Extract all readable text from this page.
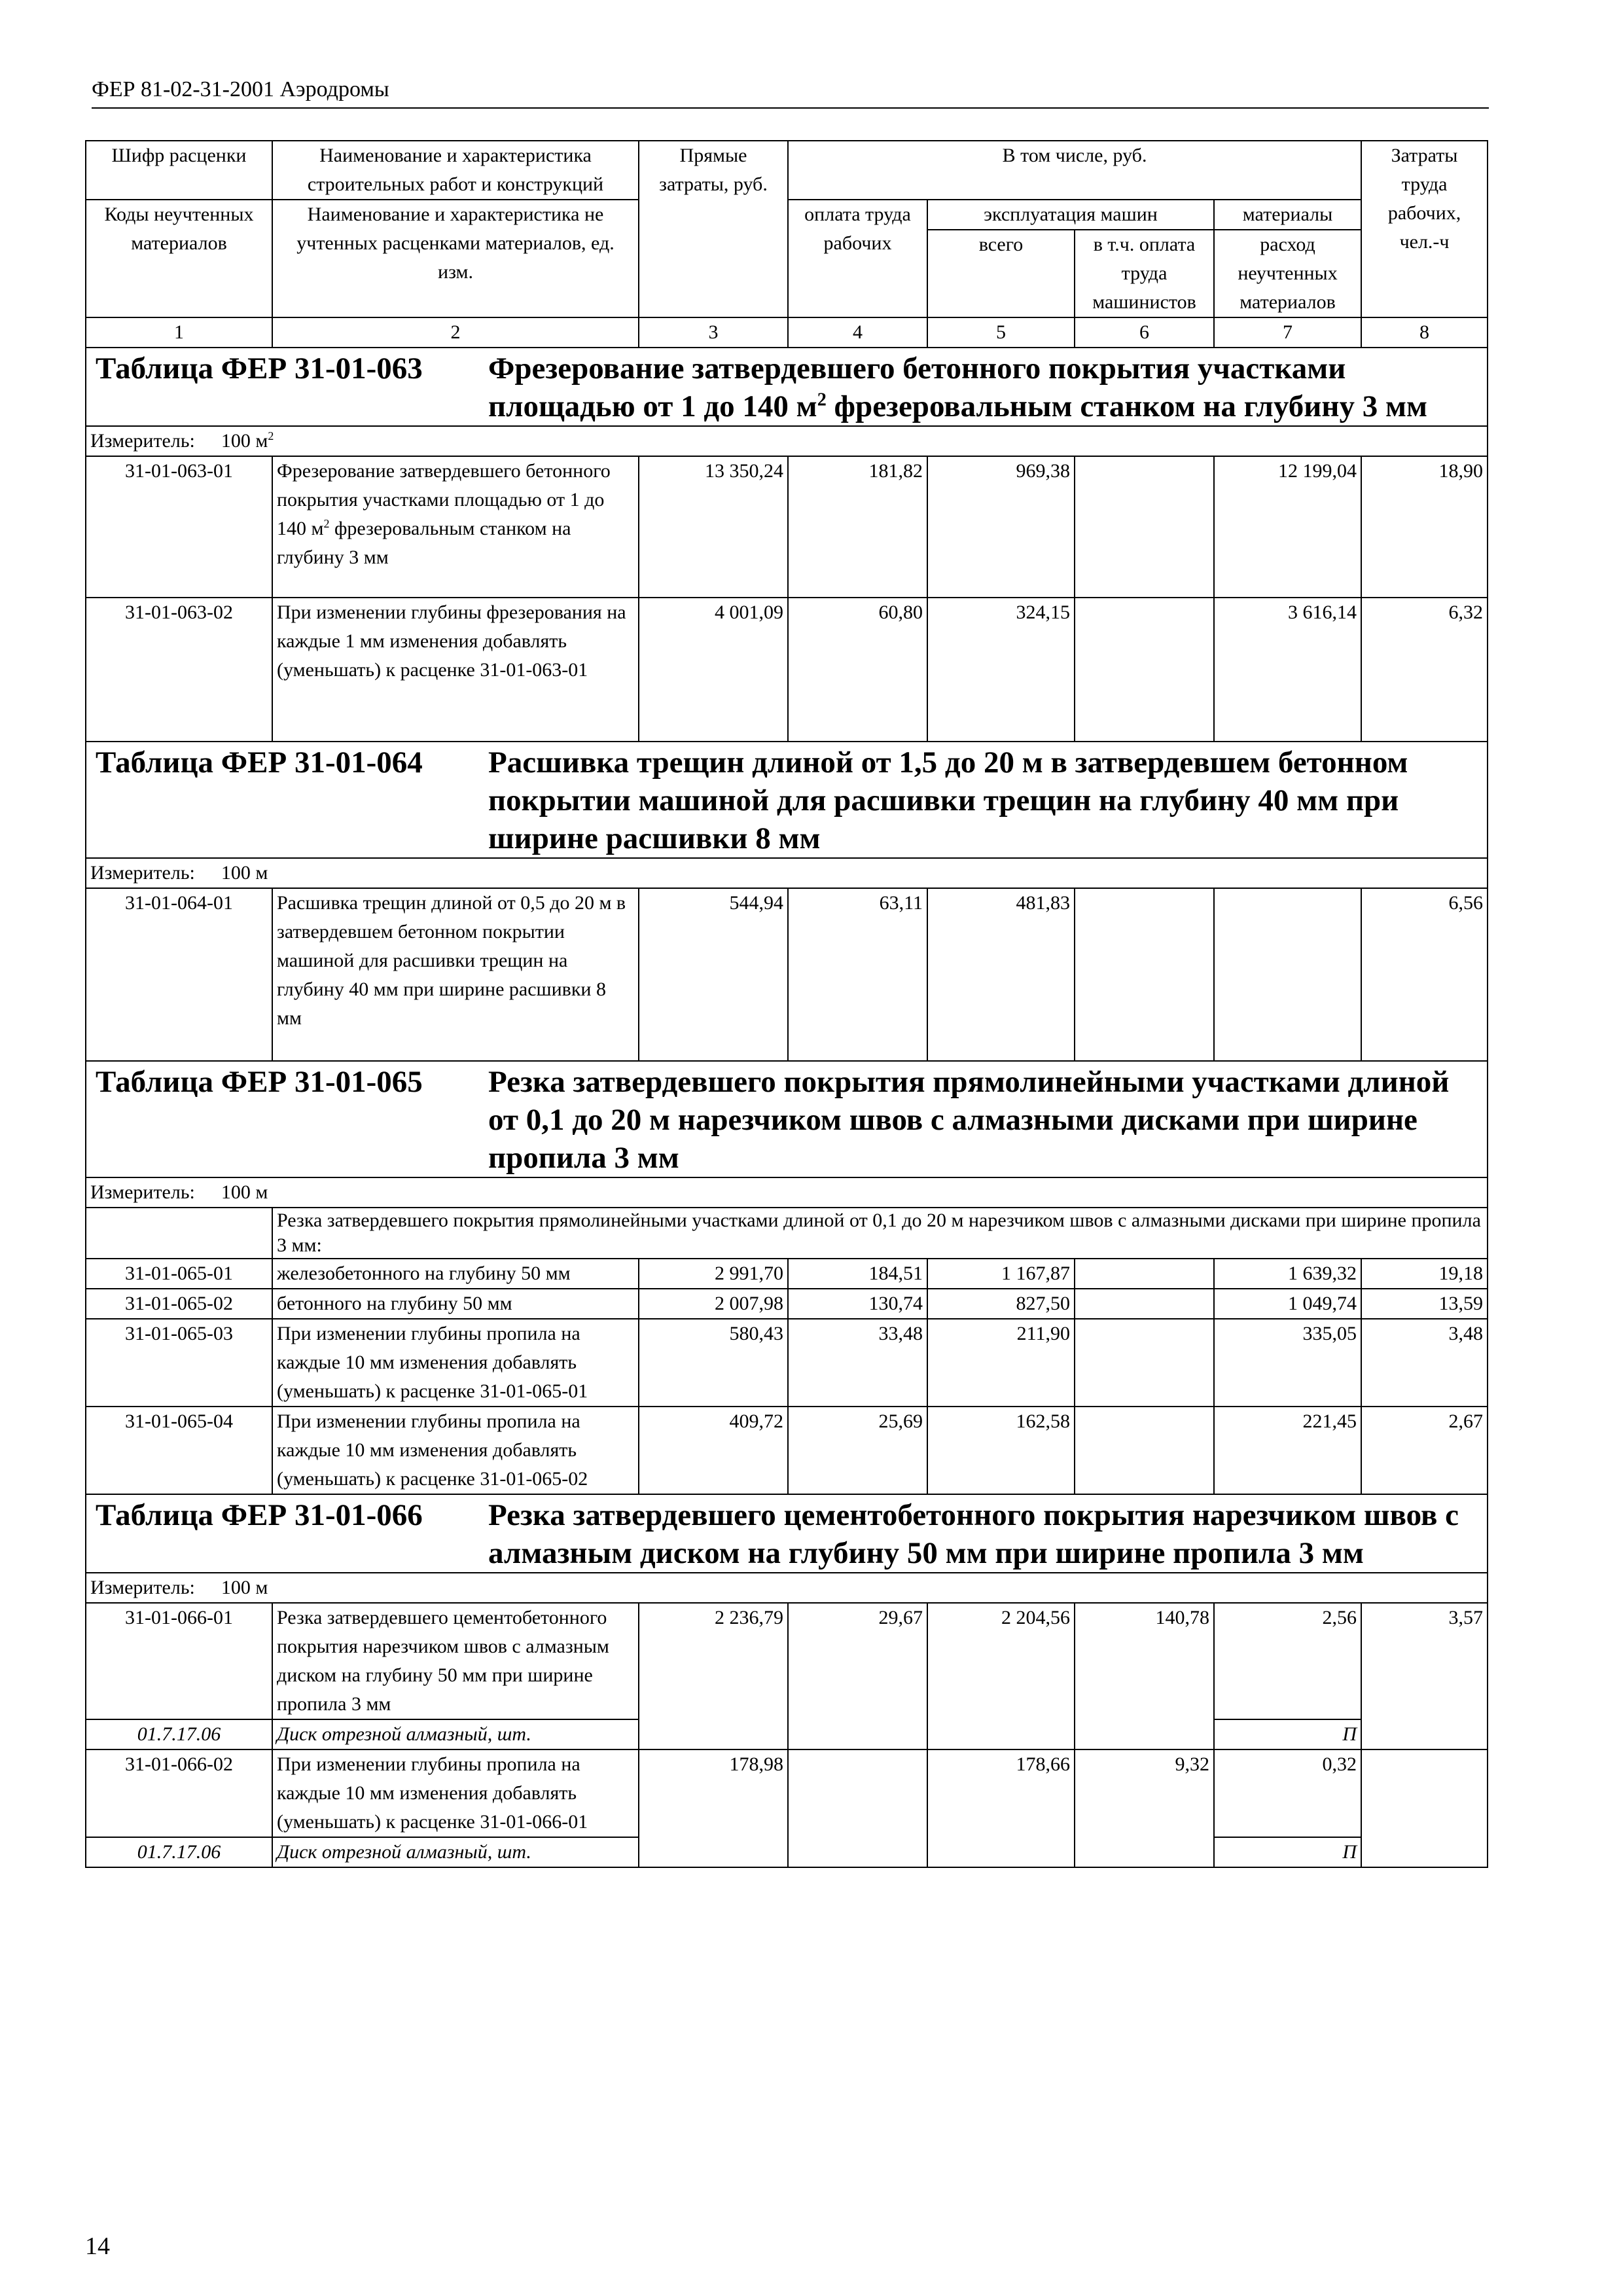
ФЕР 81-02-31-2001 Аэродромы
Шифр расценки	Наименование и характеристика строительных работ и конструкций	Прямые затраты, руб.	В том числе, руб.				Затраты труда рабочих, чел.-ч
Коды неучтенных материалов	Наименование и характеристика не учтенных расценками материалов, ед. изм.		оплата труда рабочих	эксплуатация машин		материалы	
				всего	в т.ч. оплата труда машинистов	расход неучтенных материалов	
1	2	3	4	5	6	7	8

Таблица ФЕР 31-01-063 Фрезерование затвердевшего бетонного покрытия участками площадью от 1 до 140 $м^2$ фрезеровальным станком на глубину 3 мм							

Измеритель: 100 $м^2$
31-01-063-01	Фрезерование затвердевшего бетонного покрытия участками площадью от 1 до 140 $м^2$ фрезеровальным станком на глубину 3 мм	13 350,24	181,82	969,38		12 199,04	18,90
31-01-063-02	При изменении глубины фрезерования на каждые 1 мм изменения добавлять (уменьшать) к расценке 31-01-063-01	4 001,09	60,80	324,15		3 616,14	6,32

Таблица ФЕР 31-01-064 Расшивка трещин длиной от 1,5 до 20 м в затвердевшем бетонном покрытии машиной для расшивки трещин на глубину 40 мм при ширине расшивки 8 мм							

Измеритель: 100 м							
31-01-064-01	Расшивка трещин длиной от 0,5 до 20 м в затвердевшем бетонном покрытии машиной для расшивки трещин на глубину 40 мм при ширине расшивки 8 мм	544,94	63,11	481,83			6,56

Таблица ФЕР 31-01-065 Резка затвердевшего покрытия прямолинейными участками длиной от 0,1 до 20 м нарезчиком швов с алмазными дисками при ширине пропила 3 мм							

Измеритель: 100 м							
	Резка затвердевшего покрытия прямолинейными участками длиной от 0,1 до 20 м нарезчиком швов с алмазными дисками при ширине пропила 3 мм:						
31-01-065-01	железобетонного на глубину 50 мм	2 991,70	184,51	1 167,87		1 639,32	19,18
31-01-065-02	бетонного на глубину 50 мм	2 007,98	130,74	827,50		1 049,74	13,59
31-01-065-03	При изменении глубины пропила на каждые 10 мм изменения добавлять (уменьшать) к расценке 31-01-065-01	580,43	33,48	211,90		335,05	3,48
31-01-065-04	При изменении глубины пропила на каждые 10 мм изменения добавлять (уменьшать) к расценке 31-01-065-02	409,72	25,69	162,58		221,45	2,67

Таблица ФЕР 31-01-066 Резка затвердевшего цементобетонного покрытия нарезчиком швов с алмазным диском на глубину 50 мм при ширине пропила 3 мм							

Измеритель: 100 м							
31-01-066-01	Резка затвердевшего цементобетонного покрытия нарезчиком швов с алмазным диском на глубину 50 мм при ширине пропила 3 мм	2 236,79	29,67	2 204,56	140,78	2,56	3,57
01.7.17.06	Диск отрезной алмазный, шт.					П	
31-01-066-02	При изменении глубины пропила на каждые 10 мм изменения добавлять (уменьшать) к расценке 31-01-066-01	178,98		178,66	9,32	0,32	
01.7.17.06	Диск отрезной алмазный, шт.					П	
14
